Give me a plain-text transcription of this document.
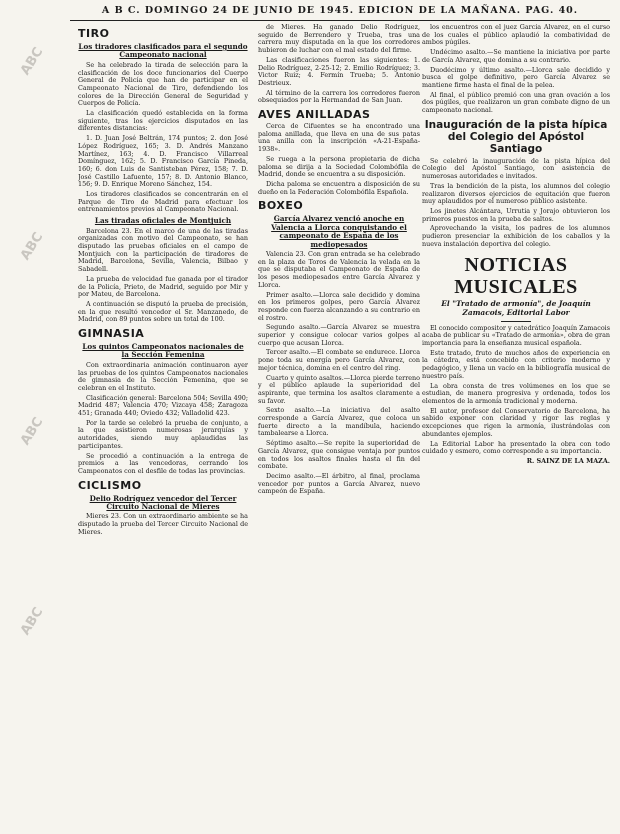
ABC
ABC
ABC
ABC
A B C. DOMINGO 24 DE JUNIO DE 1945. EDICION DE LA MAÑANA. PAG. 40.
TIRO
Los tiradores clasificados para el segundo Campeonato nacional

Se ha celebrado la tirada de selección para la clasificación de los doce funcionarios del Cuerpo General de Policía que han de participar en el Campeonato Nacional de Tiro, defendiendo los colores de la Dirección General de Seguridad y Cuerpos de Policía.

La clasificación quedó establecida en la forma siguiente, tras los ejercicios disputados en las diferentes distancias:

1. D. Juan José Beltrán, 174 puntos; 2. don José López Rodríguez, 165; 3. D. Andrés Manzano Martínez, 163; 4. D. Francisco Villarreal Domínguez, 162; 5. D. Francisco García Pineda, 160; 6. don Luis de Santisteban Pérez, 158; 7. D. José Castillo Lafuente, 157; 8. D. Antonio Blanco, 156; 9. D. Enrique Moreno Sánchez, 154.

Los tiradores clasificados se concentrarán en el Parque de Tiro de Madrid para efectuar los entrenamientos previos al Campeonato Nacional.

Las tiradas oficiales de Montjuich

Barcelona 23. En el marco de una de las tiradas organizadas con motivo del Campeonato, se han disputado las pruebas oficiales en el campo de Montjuich con la participación de tiradores de Madrid, Barcelona, Sevilla, Valencia, Bilbao y Sabadell.

La prueba de velocidad fue ganada por el tirador de la Policía, Prieto, de Madrid, seguido por Mir y por Mateu, de Barcelona.

A continuación se disputó la prueba de precisión, en la que resultó vencedor el Sr. Manzanedo, de Madrid, con 89 puntos sobre un total de 100.

GIMNASIA
Los quintos Campeonatos nacionales de la Sección Femenina

Con extraordinaria animación continuaron ayer las pruebas de los quintos Campeonatos nacionales de gimnasia de la Sección Femenina, que se celebran en el Instituto.

Clasificación general: Barcelona 504; Sevilla 490; Madrid 487; Valencia 470; Vizcaya 458; Zaragoza 451; Granada 440; Oviedo 432; Valladolid 423.

Por la tarde se celebró la prueba de conjunto, a la que asistieron numerosas jerarquías y autoridades, siendo muy aplaudidas las participantes.

Se procedió a continuación a la entrega de premios a las vencedoras, cerrando los Campeonatos con el desfile de todas las provincias.

CICLISMO
Delio Rodríguez vencedor del Tercer Circuito Nacional de Mieres

Mieres 23. Con un extraordinario ambiente se ha disputado la prueba del Tercer Circuito Nacional de Mieres.

de Mieres. Ha ganado Delio Rodríguez, seguido de Berrendero y Trueba, tras una carrera muy disputada en la que los corredores hubieron de luchar con el mal estado del firme.

Las clasificaciones fueron las siguientes: 1. Delio Rodríguez, 2-25-12; 2. Emilio Rodríguez; 3. Victor Ruiz; 4. Fermín Trueba; 5. Antonio Destrieux.

Al término de la carrera los corredores fueron obsequiados por la Hermandad de San Juan.

AVES ANILLADAS

Cerca de Cifuentes se ha encontrado una paloma anillada, que lleva en una de sus patas una anilla con la inscripción «A-21-España-1938».

Se ruega a la persona propietaria de dicha paloma se dirija a la Sociedad Colombófila de Madrid, donde se encuentra a su disposición.

Dicha paloma se encuentra a disposición de su dueño en la Federación Colombófila Española.

BOXEO
García Alvarez venció anoche en Valencia a Llorca conquistando el campeonato de España de los mediopesados

Valencia 23. Con gran entrada se ha celebrado en la plaza de Toros de Valencia la velada en la que se disputaba el Campeonato de España de los pesos mediopesados entre García Alvarez y Llorca.

Primer asalto.—Llorca sale decidido y domina en los primeros golpes, pero García Alvarez responde con fuerza alcanzando a su contrario en el rostro.

Segundo asalto.—García Alvarez se muestra superior y consigue colocar varios golpes al cuerpo que acusan Llorca.

Tercer asalto.—El combate se endurece. Llorca pone toda su energía pero García Alvarez, con mejor técnica, domina en el centro del ring.

Cuarto y quinto asaltos.—Llorca pierde terreno y el público aplaude la superioridad del aspirante, que termina los asaltos claramente a su favor.

Sexto asalto.—La iniciativa del asalto corresponde a García Alvarez, que coloca un fuerte directo a la mandíbula, haciendo tambalearse a Llorca.

Séptimo asalto.—Se repite la superioridad de García Alvarez, que consigue ventaja por puntos en todos los asaltos finales hasta el fin del combate.

Decimo asalto.—El árbitro, al final, proclama vencedor por puntos a García Alvarez, nuevo campeón de España.

los encuentros con el juez García Alvarez, en el curso de los cuales el público aplaudió la combatividad de ambos púgiles.

Undécimo asalto.—Se mantiene la iniciativa por parte de García Alvarez, que domina a su contrario.

Duodécimo y último asalto.—Llorca sale decidido y busca el golpe definitivo, pero García Alvarez se mantiene firme hasta el final de la pelea.

Al final, el público premió con una gran ovación a los dos púgiles, que realizaron un gran combate digno de un campeonato nacional.

Inauguración de la pista hípica del Colegio del Apóstol Santiago

Se celebró la inauguración de la pista hípica del Colegio del Apóstol Santiago, con asistencia de numerosas autoridades e invitados.

Tras la bendición de la pista, los alumnos del colegio realizaron diversos ejercicios de equitación que fueron muy aplaudidos por el numeroso público asistente.

Los jinetes Alcántara, Urrutia y Jorajo obtuvieron los primeros puestos en la prueba de saltos.

Aprovechando la visita, los padres de los alumnos pudieron presenciar la exhibición de los caballos y la nueva instalación deportiva del colegio.

NOTICIAS MUSICALES
El "Tratado de armonía", de Joaquín Zamacois, Editorial Labor

El conocido compositor y catedrático Joaquín Zamacois acaba de publicar su «Tratado de armonía», obra de gran importancia para la enseñanza musical española.

Este tratado, fruto de muchos años de experiencia en la cátedra, está concebido con criterio moderno y pedagógico, y llena un vacío en la bibliografía musical de nuestro país.

La obra consta de tres volúmenes en los que se estudian, de manera progresiva y ordenada, todos los elementos de la armonía tradicional y moderna.

El autor, profesor del Conservatorio de Barcelona, ha sabido exponer con claridad y rigor las reglas y excepciones que rigen la armonía, ilustrándolas con abundantes ejemplos.

La Editorial Labor ha presentado la obra con todo cuidado y esmero, como corresponde a su importancia.

R. SAINZ DE LA MAZA.
